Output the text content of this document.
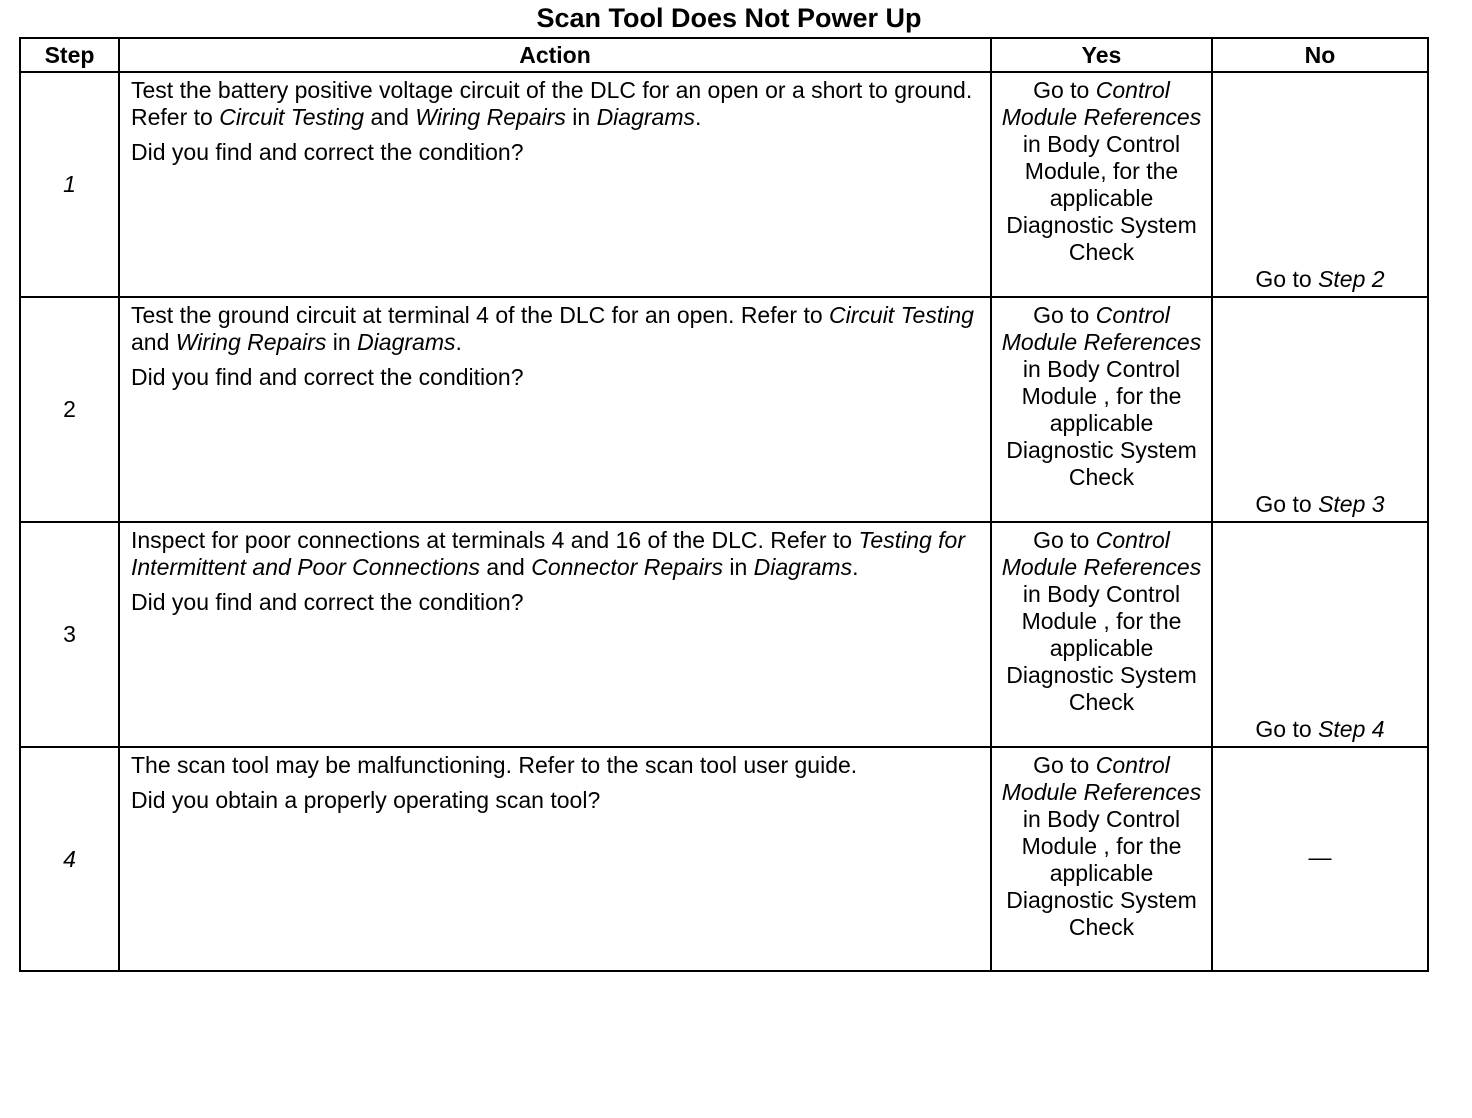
Scan Tool Does Not Power Up
Step	Action	Yes	No
1	Test the battery positive voltage circuit of the DLC for an open or a short to ground. Refer to Circuit Testing and Wiring Repairs in Diagrams.

Did you find and correct the condition?	Go to Control Module References in Body Control Module, for the applicable Diagnostic System Check	Go to Step 2
2	Test the ground circuit at terminal 4 of the DLC for an open. Refer to Circuit Testing and Wiring Repairs in Diagrams.

Did you find and correct the condition?	Go to Control Module References in Body Control Module , for the applicable Diagnostic System Check	Go to Step 3
3	Inspect for poor connections at terminals 4 and 16 of the DLC. Refer to Testing for Intermittent and Poor Connections and Connector Repairs in Diagrams.

Did you find and correct the condition?	Go to Control Module References in Body Control Module , for the applicable Diagnostic System Check	Go to Step 4
4	The scan tool may be malfunctioning. Refer to the scan tool user guide.

Did you obtain a properly operating scan tool?	Go to Control Module References in Body Control Module , for the applicable Diagnostic System Check	—
